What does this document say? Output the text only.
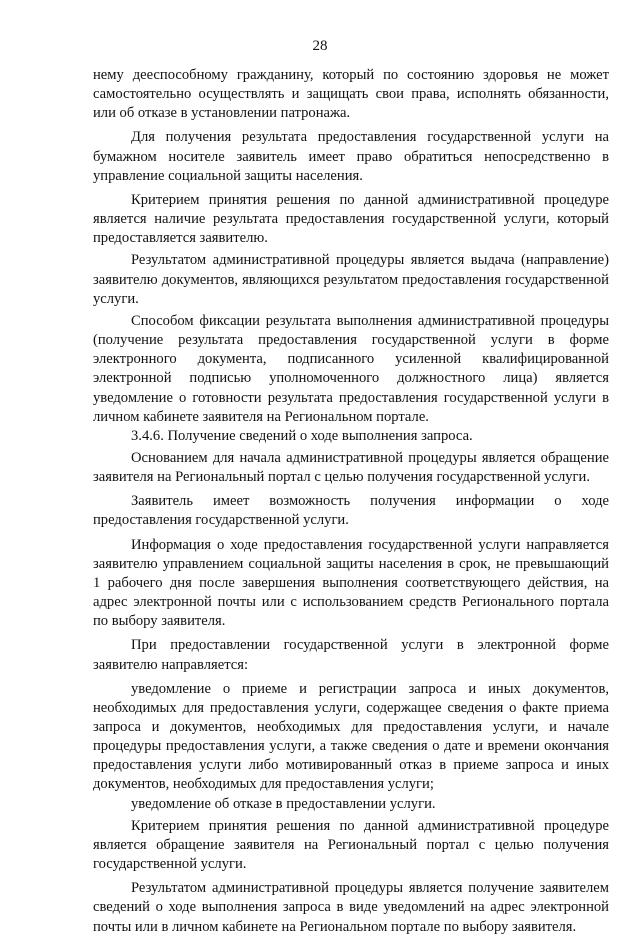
28

нему дееспособному гражданину, который по состоянию здоровья не может самостоятельно осуществлять и защищать свои права, исполнять обязанности, или об отказе в установлении патронажа.

Для получения результата предоставления государственной услуги на бумажном носителе заявитель имеет право обратиться непосредственно в управление социальной защиты населения.

Критерием принятия решения по данной административной процедуре является наличие результата предоставления государственной услуги, который предоставляется заявителю.

Результатом административной процедуры является выдача (направление) заявителю документов, являющихся результатом предоставления государственной услуги.

Способом фиксации результата выполнения административной процедуры (получение результата предоставления государственной услуги в форме электронного документа, подписанного усиленной квалифицированной электронной подписью уполномоченного должностного лица) является уведомление о готовности результата предоставления государственной услуги в личном кабинете заявителя на Региональном портале.

3.4.6. Получение сведений о ходе выполнения запроса.

Основанием для начала административной процедуры является обращение заявителя на Региональный портал с целью получения государственной услуги.

Заявитель имеет возможность получения информации о ходе предоставления государственной услуги.

Информация о ходе предоставления государственной услуги направляется заявителю управлением социальной защиты населения в срок, не превышающий 1 рабочего дня после завершения выполнения соответствующего действия, на адрес электронной почты или с использованием средств Регионального портала по выбору заявителя.

При предоставлении государственной услуги в электронной форме заявителю направляется:

уведомление о приеме и регистрации запроса и иных документов, необходимых для предоставления услуги, содержащее сведения о факте приема запроса и документов, необходимых для предоставления услуги, и начале процедуры предоставления услуги, а также сведения о дате и времени окончания предоставления услуги либо мотивированный отказ в приеме запроса и иных документов, необходимых для предоставления услуги;

уведомление об отказе в предоставлении услуги.

Критерием принятия решения по данной административной процедуре является обращение заявителя на Региональный портал с целью получения государственной услуги.

Результатом административной процедуры является получение заявителем сведений о ходе выполнения запроса в виде уведомлений на адрес электронной почты или в личном кабинете на Региональном портале по выбору заявителя.
